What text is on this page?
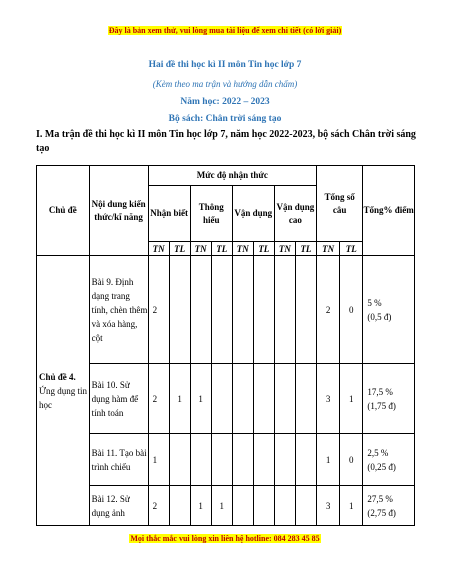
Đây là bản xem thử, vui lòng mua tài liệu để xem chi tiết (có lời giải)
Hai đề thi học kì II môn Tin học lớp 7
(Kèm theo ma trận và hướng dẫn chấm)
Năm học: 2022 – 2023
Bộ sách: Chân trời sáng tạo
I. Ma trận đề thi học kì II môn Tin học lớp 7, năm học 2022-2023, bộ sách Chân trời sáng tạo
Chủ đề	Nội dung kiến thức/kĩ năng	Mức độ nhận thức								Tổng số câu		Tổng% điểm
		Nhận biết		Thông hiểu		Vận dụng		Vận dụng cao				
		TN	TL	TN	TL	TN	TL	TN	TL	TN	TL	
Chủ đề 4. Ứng dụng tin học	Bài 9. Định dạng trang tính, chèn thêm và xóa hàng, cột	2								2	0	5 %
(0,5 đ)

	Bài 10. Sử dụng hàm để tính toán	2	1	1						3	1	17,5 %
(1,75 đ)

	Bài 11. Tạo bài trình chiếu	1								1	0	2,5 %
(0,25 đ)

	Bài 12. Sử dụng ảnh	2		1	1					3	1	27,5 %
(2,75 đ)
Mọi thắc mắc vui lòng xin liên hệ hotline: 084 283 45 85
